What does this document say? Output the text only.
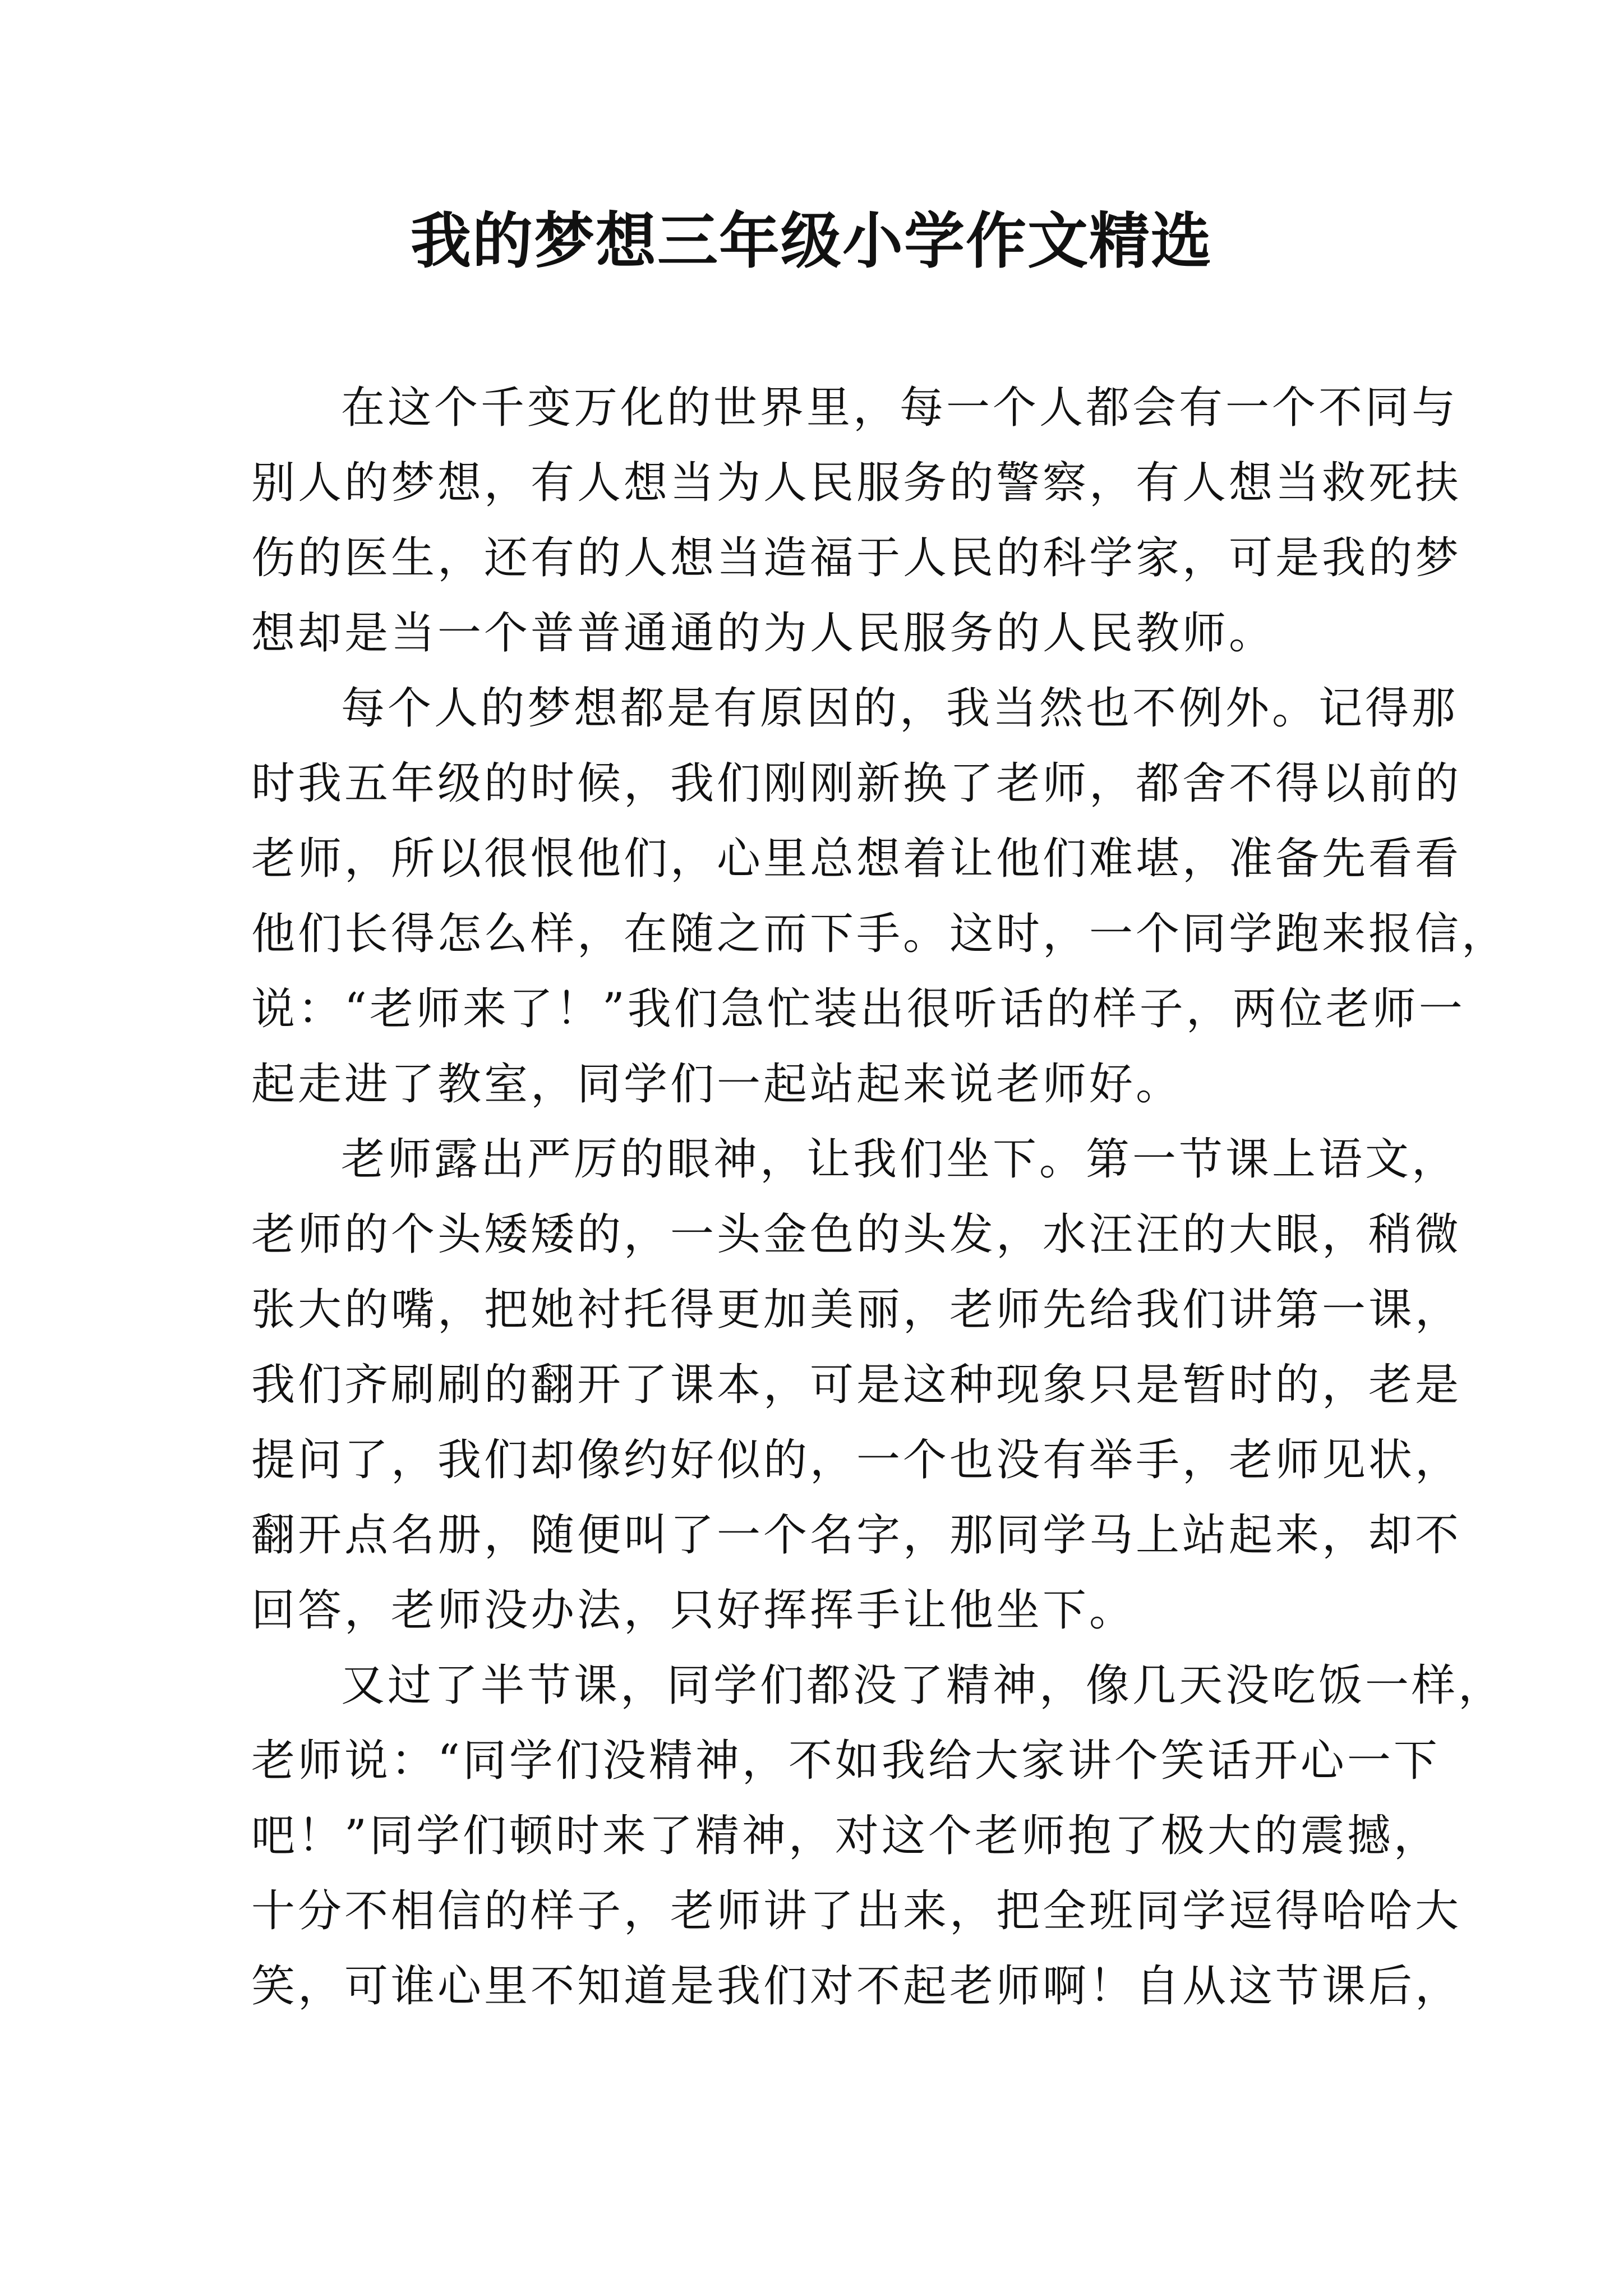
我的梦想三年级小学作文精选
在这个千变万化的世界里，每一个人都会有一个不同与
别人的梦想，有人想当为人民服务的警察，有人想当救死扶
伤的医生，还有的人想当造福于人民的科学家，可是我的梦
想却是当一个普普通通的为人民服务的人民教师。
每个人的梦想都是有原因的，我当然也不例外。记得那
时我五年级的时候，我们刚刚新换了老师，都舍不得以前的
老师，所以很恨他们，心里总想着让他们难堪，准备先看看
他们长得怎么样，在随之而下手。这时，一个同学跑来报信，
说：“老师来了！”我们急忙装出很听话的样子，两位老师一
起走进了教室，同学们一起站起来说老师好。
老师露出严厉的眼神，让我们坐下。第一节课上语文，
老师的个头矮矮的，一头金色的头发，水汪汪的大眼，稍微
张大的嘴，把她衬托得更加美丽，老师先给我们讲第一课，
我们齐刷刷的翻开了课本，可是这种现象只是暂时的，老是
提问了，我们却像约好似的，一个也没有举手，老师见状，
翻开点名册，随便叫了一个名字，那同学马上站起来，却不
回答，老师没办法，只好挥挥手让他坐下。
又过了半节课，同学们都没了精神，像几天没吃饭一样，
老师说：“同学们没精神，不如我给大家讲个笑话开心一下
吧！”同学们顿时来了精神，对这个老师抱了极大的震撼，
十分不相信的样子，老师讲了出来，把全班同学逗得哈哈大
笑，可谁心里不知道是我们对不起老师啊！自从这节课后，
